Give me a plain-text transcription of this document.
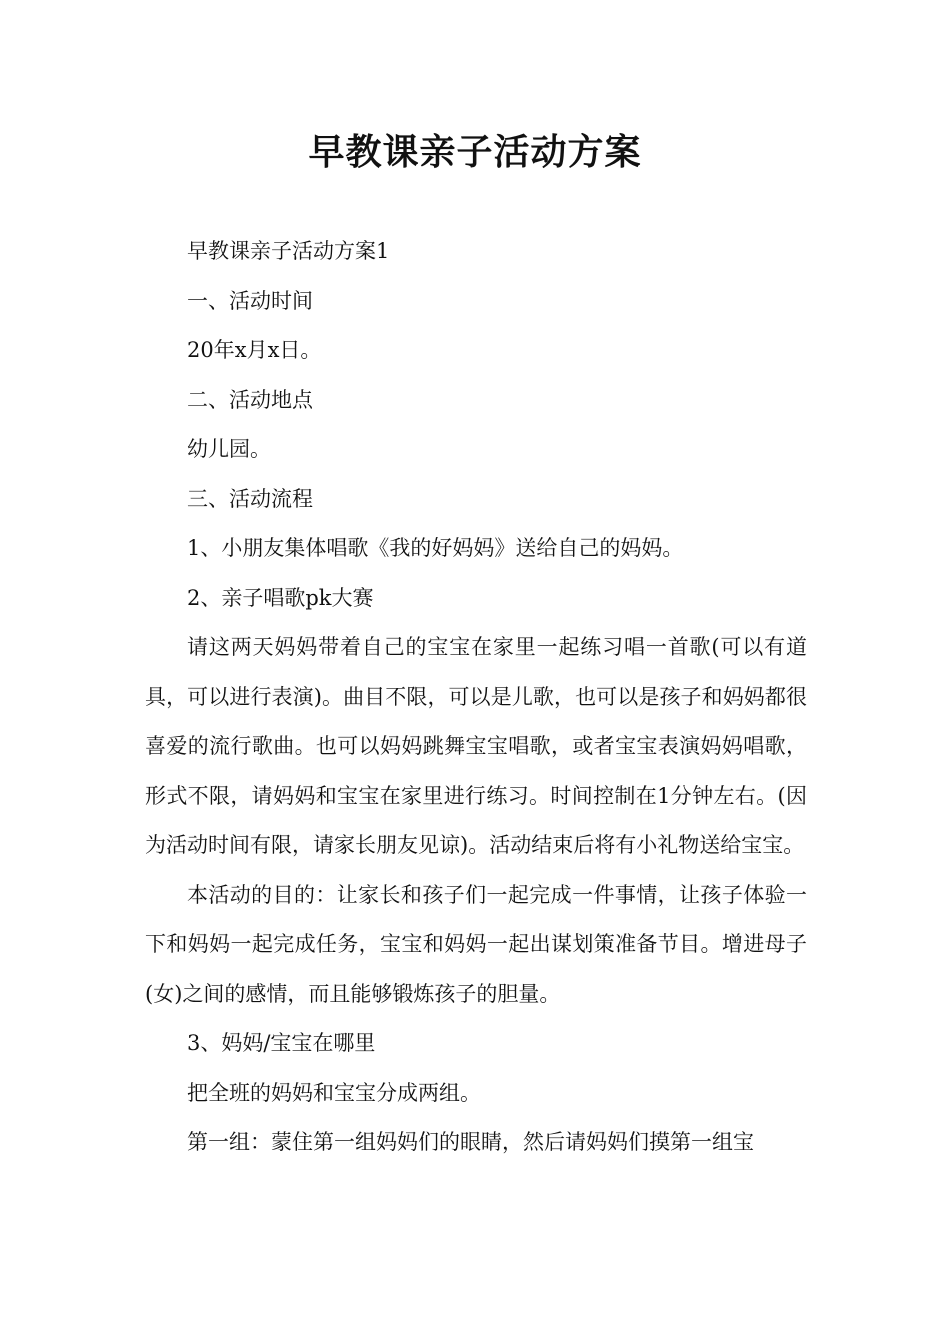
早教课亲子活动方案

早教课亲子活动方案1

一、活动时间

20年x月x日。

二、活动地点

幼儿园。

三、活动流程

1、小朋友集体唱歌《我的好妈妈》送给自己的妈妈。

2、亲子唱歌pk大赛

请这两天妈妈带着自己的宝宝在家里一起练习唱一首歌(可以有道具，可以进行表演)。曲目不限，可以是儿歌，也可以是孩子和妈妈都很喜爱的流行歌曲。也可以妈妈跳舞宝宝唱歌，或者宝宝表演妈妈唱歌，形式不限，请妈妈和宝宝在家里进行练习。时间控制在1分钟左右。(因为活动时间有限，请家长朋友见谅)。活动结束后将有小礼物送给宝宝。

本活动的目的：让家长和孩子们一起完成一件事情，让孩子体验一下和妈妈一起完成任务，宝宝和妈妈一起出谋划策准备节目。增进母子(女)之间的感情，而且能够锻炼孩子的胆量。

3、妈妈/宝宝在哪里

把全班的妈妈和宝宝分成两组。

第一组：蒙住第一组妈妈们的眼睛，然后请妈妈们摸第一组宝
